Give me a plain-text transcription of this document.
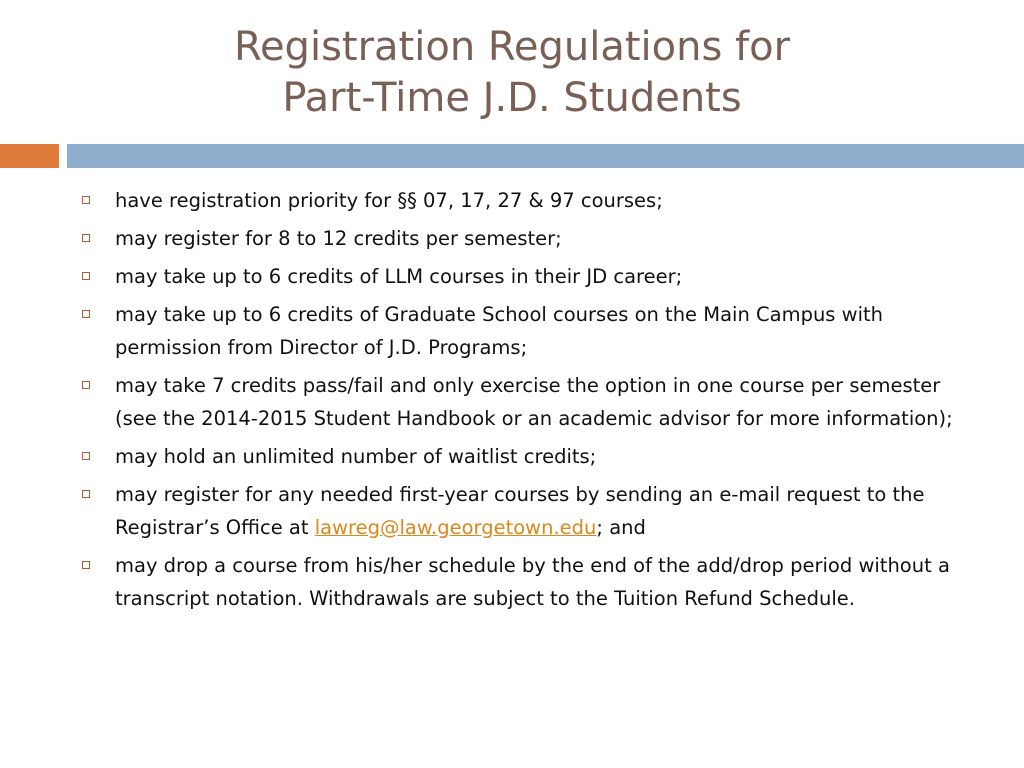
Registration Regulations for
Part-Time J.D. Students
have registration priority for §§ 07, 17, 27 & 97 courses;
may register for 8 to 12 credits per semester;
may take up to 6 credits of LLM courses in their JD career;
may take up to 6 credits of Graduate School courses on the Main Campus with permission from Director of J.D. Programs;
may take 7 credits pass/fail and only exercise the option in one course per semester (see the 2014-2015 Student Handbook or an academic advisor for more information);
may hold an unlimited number of waitlist credits;
may register for any needed first-year courses by sending an e-mail request to the Registrar’s Office at lawreg@law.georgetown.edu; and
may drop a course from his/her schedule by the end of the add/drop period without a transcript notation. Withdrawals are subject to the Tuition Refund Schedule.
